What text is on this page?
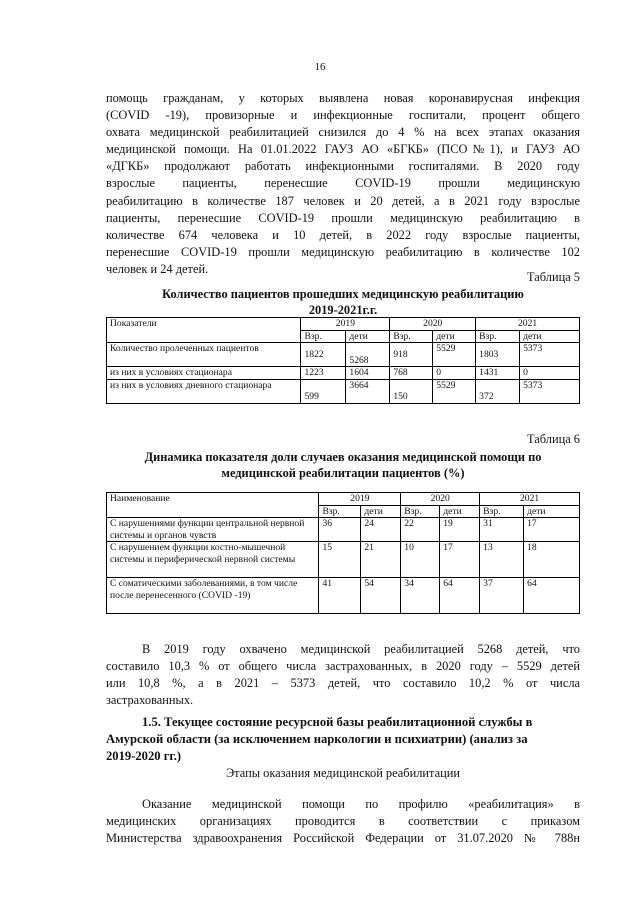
16
помощь гражданам, у которых выявлена новая коронавирусная инфекция
(COVID -19), провизорные и инфекционные госпитали, процент общего
охвата медицинской реабилитацией снизился до 4 % на всех этапах оказания
медицинской помощи. На 01.01.2022 ГАУЗ АО «БГКБ» (ПСО№1), и ГАУЗ АО
«ДГКБ» продолжают работать инфекционными госпиталями. В 2020 году
взрослые пациенты, перенесшие COVID-19 прошли медицинскую
реабилитацию в количестве 187 человек и 20 детей, а в 2021 году взрослые
пациенты, перенесшие COVID-19 прошли медицинскую реабилитацию в
количестве 674 человека и 10 детей, в 2022 году взрослые пациенты,
перенесшие COVID-19 прошли медицинскую реабилитацию в количестве 102
человек и 24 детей.
Таблица 5
Количество пациентов прошедших медицинскую реабилитацию
2019-2021г.г.
Показатели	2019		2020		2021	
	Взр.	дети	Взр.	дети	Взр.	дети
Количество пролеченных пациентов	1822	5268	918	5529	1803	5373
из них в условиях стационара	1223	1604	768	0	1431	0
из них в условиях дневного стационара	599	3664	150	5529	372	5373
Таблица 6
Динамика показателя доли случаев оказания медицинской помощи по
медицинской реабилитации пациентов (%)
Наименование	2019		2020		2021	
	Взр.	дети	Взр.	дети	Взр.	дети
С нарушениями функции центральной нервной системы и органов чувств	36	24	22	19	31	17
С нарушением функции костно-мышечной системы и периферической нервной системы	15	21	10	17	13	18
С соматическими заболеваниями, в том числе после перенесенного (COVID -19)	41	54	34	64	37	64
В 2019 году охвачено медицинской реабилитацией 5268 детей, что
составило 10,3 % от общего числа застрахованных, в 2020 году – 5529 детей
или 10,8 %, а в 2021 – 5373 детей, что составило 10,2 % от числа
застрахованных.
1.5. Текущее состояние ресурсной базы реабилитационной службы в
Амурской области (за исключением наркологии и психиатрии) (анализ за
2019-2020 гг.)
Этапы оказания медицинской реабилитации
Оказание медицинской помощи по профилю «реабилитация» в
медицинских организациях проводится в соответствии с приказом
Министерства здравоохранения Российской Федерации от 31.07.2020 № 788н
